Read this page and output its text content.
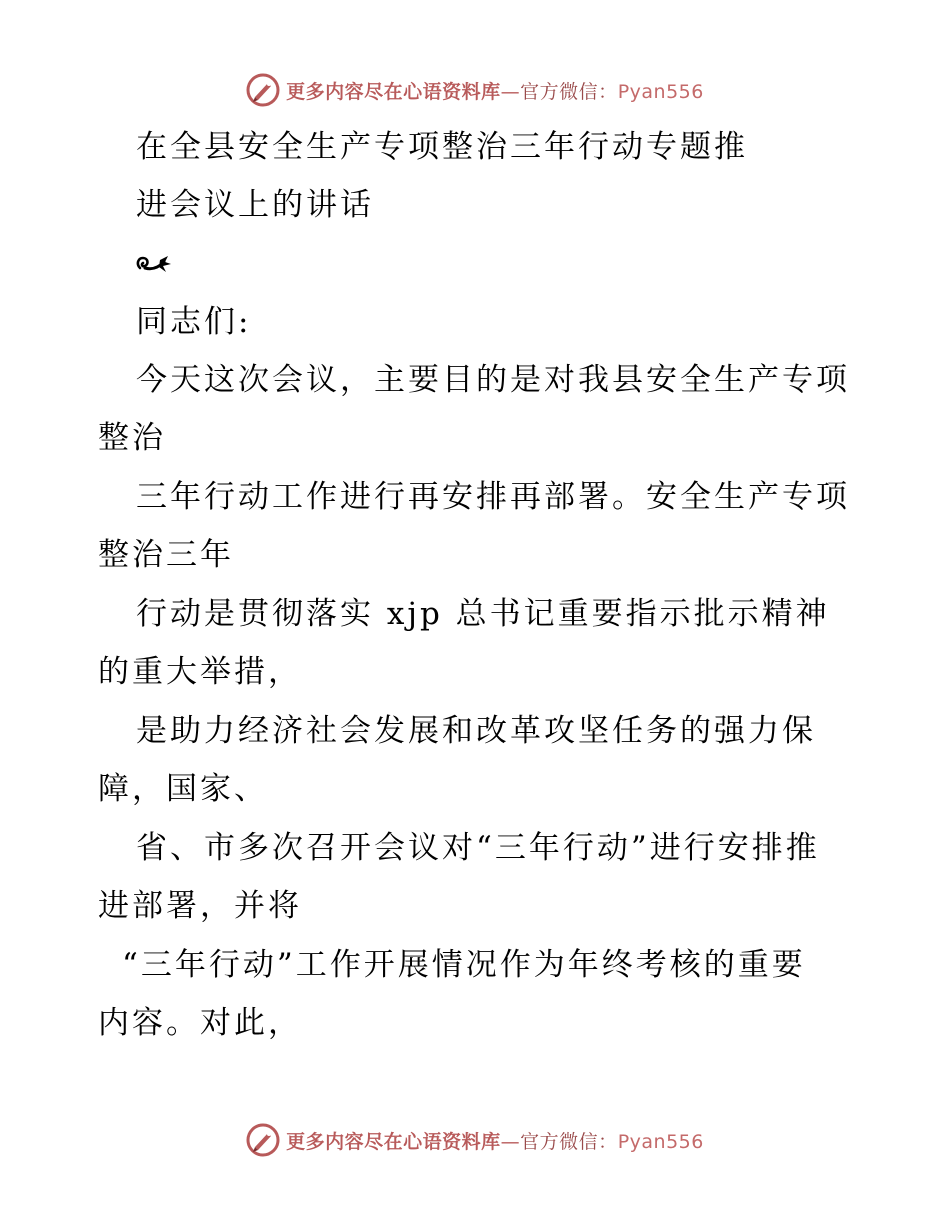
更多内容尽在心语资料库—官方微信：Pyan556
在全县安全生产专项整治三年行动专题推
进会议上的讲话
同志们:
今天这次会议，主要目的是对我县安全生产专项
整治
三年行动工作进行再安排再部署。安全生产专项
整治三年
行动是贯彻落实 xjp 总书记重要指示批示精神
的重大举措，
是助力经济社会发展和改革攻坚任务的强力保
障，国家、
省、市多次召开会议对“三年行动”进行安排推
进部署，并将
“三年行动”工作开展情况作为年终考核的重要
内容。对此，
更多内容尽在心语资料库—官方微信：Pyan556
